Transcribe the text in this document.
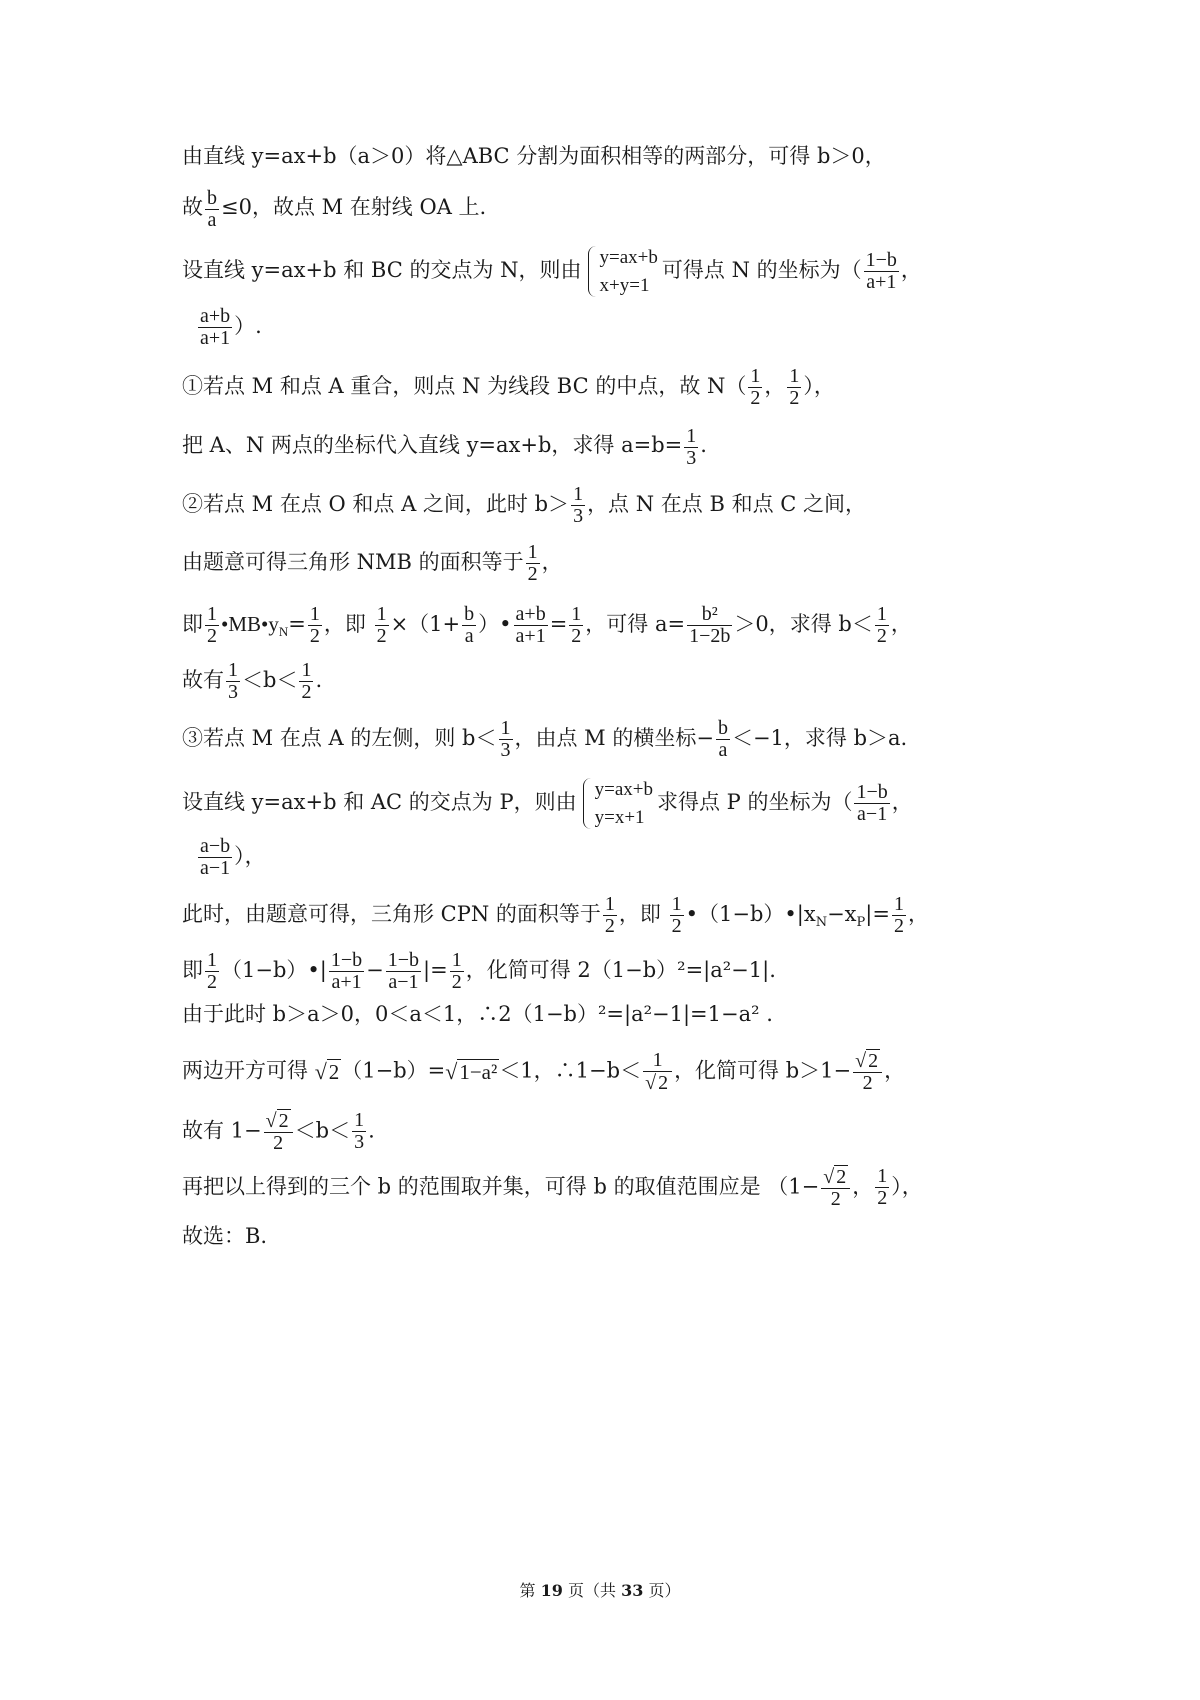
由直线 y=ax+b（a＞0）将△ABC 分割为面积相等的两部分，可得 b＞0，
故 $\frac{b}{a} \le 0$，故点 M 在射线 OA 上.
设直线 y=ax+b 和 BC 的交点为 N，则由
y=ax+b
x+y=1
可得点 N 的坐标为（ $\frac{1-b}{a+1}$ ，
$\frac{a+b}{a+1}$ ）.
①若点 M 和点 A 重合，则点 N 为线段 BC 的中点，故 $N( \frac{1}{2}$ ， $\frac{1}{2}$ ），
把 A、N 两点的坐标代入直线 y=ax+b，求得 $a=b= \frac{1}{3}$ .
②若点 M 在点 O 和点 A 之间，此时 $b> \frac{1}{3}$ ，点 N 在点 B 和点 C 之间，
由题意可得三角形 NMB 的面积等于 $\frac{1}{2}$ ，
即 $\frac{1}{2}$ $•MB•y_N= \frac{1}{2}$ ，即 $\frac{1}{2} \times(1+ \frac{b}{a}$ ）• $\frac{a+b}{a+1} = \frac{1}{2}$ ，可得 $a= \frac{\text{b²}}{1-2b} >0$，求得 $b< \frac{1}{2}$ ，
故有 $\frac{1}{3} <b< \frac{1}{2}$ .
③若点 M 在点 A 的左侧，则 $b< \frac{1}{3}$ ，由点 M 的横坐标− $\frac{b}{a} <-1$，求得 b＞a.
设直线 y=ax+b 和 AC 的交点为 P，则由
y=ax+b
y=x+1
求得点 P 的坐标为（ $\frac{1-b}{a-1}$ ，
$\frac{a-b}{a-1}$ ），
此时，由题意可得，三角形 CPN 的面积等于 $\frac{1}{2}$ ，即 $\frac{1}{2}$ $•(1-b)•|x_N-x_P|= \frac{1}{2}$ ，
即 $\frac{1}{2}$ （1−b）•| $\frac{1-b}{a+1} - \frac{1-b}{a-1}$ |= $\frac{1}{2}$ ，化简可得 2（1−b）²=|a²−1|.
由于此时 b＞a＞0，0＜a＜1，∴2（1−b）²=|a²−1|=1−a² .
两边开方可得 √2（1−b）=√1−a²＜1，∴1−b＜ $\frac{1}{√ 2}$ ，化简可得 $b>1- \frac{√ 2}{2}$ ，
故有 $1- \frac{√ 2}{2} <b< \frac{1}{3}$ .
再把以上得到的三个 b 的范围取并集，可得 b 的取值范围应是 （$1- \frac{√ 2}{2}$ ， $\frac{1}{2}$ ），
故选：B.
第 19 页（共 33 页）
